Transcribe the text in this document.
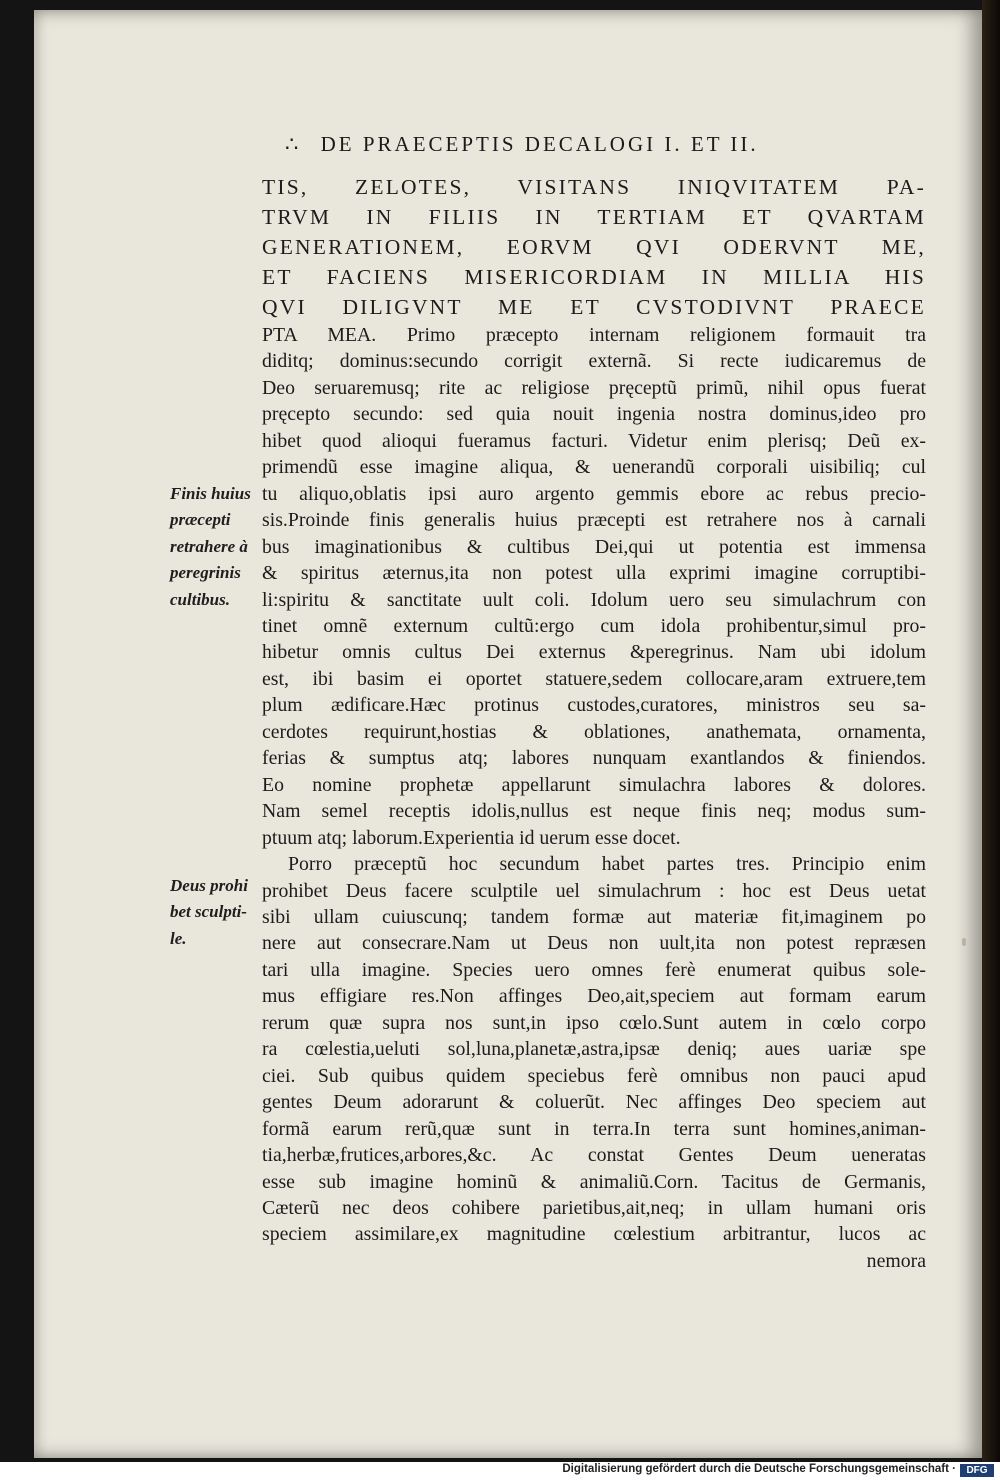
∴ DE PRAECEPTIS DECALOGI I. ET II.
TIS, ZELOTES, VISITANS INIQVITATEM PA-
TRVM IN FILIIS IN TERTIAM ET QVARTAM
GENERATIONEM, EORVM QVI ODERVNT ME,
ET FACIENS MISERICORDIAM IN MILLIA HIS
QVI DILIGVNT ME ET CVSTODIVNT PRAECE
PTA MEA. Primo præcepto internam religionem formauit tra
diditq; dominus:secundo corrigit externã. Si recte iudicaremus de
Deo seruaremusq; rite ac religiose pręceptũ primũ, nihil opus fuerat
pręcepto secundo: sed quia nouit ingenia nostra dominus,ideo pro
hibet quod alioqui fueramus facturi. Videtur enim plerisq; Deũ ex-
primendũ esse imagine aliqua, & uenerandũ corporali uisibiliq; cul
tu aliquo,oblatis ipsi auro argento gemmis ebore ac rebus precio-
sis.Proinde finis generalis huius præcepti est retrahere nos à carnali
bus imaginationibus & cultibus Dei,qui ut potentia est immensa
& spiritus æternus,ita non potest ulla exprimi imagine corruptibi-
li:spiritu & sanctitate uult coli. Idolum uero seu simulachrum con
tinet omnẽ externum cultũ:ergo cum idola prohibentur,simul pro-
hibetur omnis cultus Dei externus &peregrinus. Nam ubi idolum
est, ibi basim ei oportet statuere,sedem collocare,aram extruere,tem
plum ædificare.Hæc protinus custodes,curatores, ministros seu sa-
cerdotes requirunt,hostias & oblationes, anathemata, ornamenta,
ferias & sumptus atq; labores nunquam exantlandos & finiendos.
Eo nomine prophetæ appellarunt simulachra labores & dolores.
Nam semel receptis idolis,nullus est neque finis neq; modus sum-
ptuum atq; laborum.Experientia id uerum esse docet.
Porro præceptũ hoc secundum habet partes tres. Principio enim
prohibet Deus facere sculptile uel simulachrum : hoc est Deus uetat
sibi ullam cuiuscunq; tandem formæ aut materiæ fit,imaginem po
nere aut consecrare.Nam ut Deus non uult,ita non potest repræsen
tari ulla imagine. Species uero omnes ferè enumerat quibus sole-
mus effigiare res.Non affinges Deo,ait,speciem aut formam earum
rerum quæ supra nos sunt,in ipso cœlo.Sunt autem in cœlo corpo
ra cœlestia,ueluti sol,luna,planetæ,astra,ipsæ deniq; aues uariæ spe
ciei. Sub quibus quidem speciebus ferè omnibus non pauci apud
gentes Deum adorarunt & coluerũt. Nec affinges Deo speciem aut
formã earum rerũ,quæ sunt in terra.In terra sunt homines,animan-
tia,herbæ,frutices,arbores,&c. Ac constat Gentes Deum ueneratas
esse sub imagine hominũ & animaliũ.Corn. Tacitus de Germanis,
Cæterũ nec deos cohibere parietibus,ait,neq; in ullam humani oris
speciem assimilare,ex magnitudine cœlestium arbitrantur, lucos ac
nemora
Finis huius
præcepti
retrahere à
peregrinis
cultibus.
Deus prohi
bet sculpti-
le.
Digitalisierung gefördert durch die Deutsche Forschungsgemeinschaft ·	DFG
